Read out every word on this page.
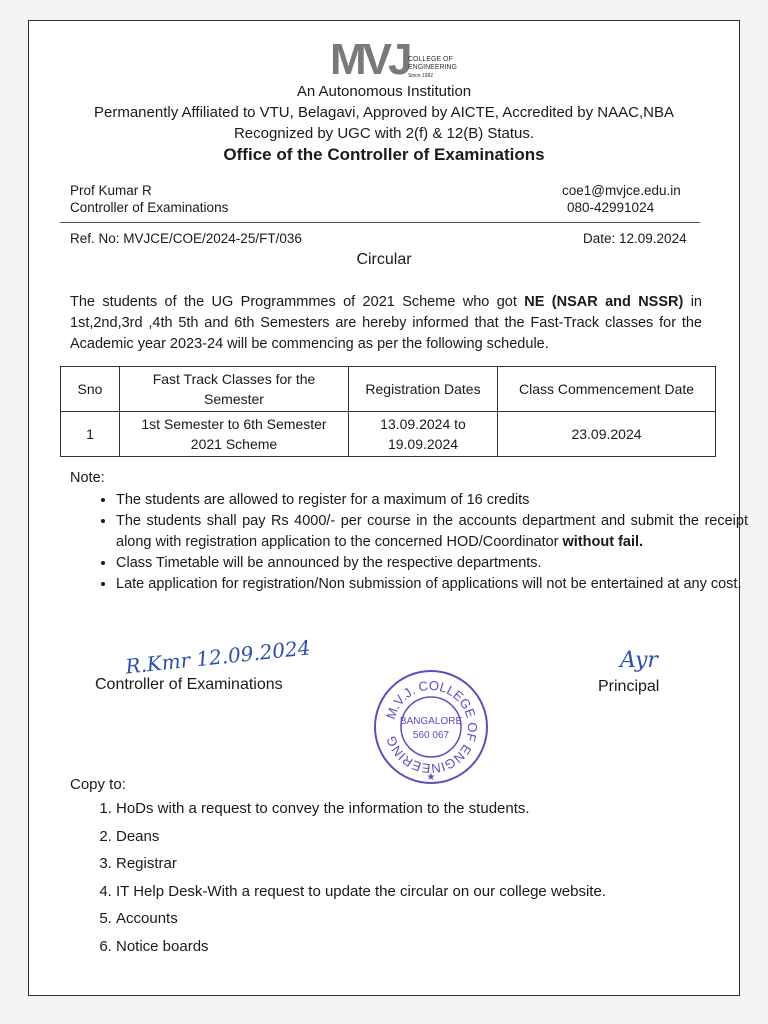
MVJ COLLEGE OF
ENGINEERING
Since 1982
An Autonomous Institution
Permanently Affiliated to VTU, Belagavi, Approved by AICTE, Accredited by NAAC,NBA
Recognized by UGC with 2(f) & 12(B) Status.
Office of the Controller of Examinations
Prof Kumar R
Controller of Examinations
coe1@mvjce.edu.in
080-42991024
Ref. No: MVJCE/COE/2024-25/FT/036	Date: 12.09.2024
Circular
The students of the UG Programmmes of 2021 Scheme who got NE (NSAR and NSSR) in 1st,2nd,3rd ,4th 5th and 6th Semesters are hereby informed that the Fast-Track classes for the Academic year 2023-24 will be commencing as per the following schedule.
Sno	Fast Track Classes for the Semester	Registration Dates	Class Commencement Date
1	1st Semester to 6th Semester 2021 Scheme	13.09.2024 to 19.09.2024	23.09.2024
Note:
• The students are allowed to register for a maximum of 16 credits
• The students shall pay Rs 4000/- per course in the accounts department and submit the receipt along with registration application to the concerned HOD/Coordinator without fail.
• Class Timetable will be announced by the respective departments.
• Late application for registration/Non submission of applications will not be entertained at any cost.
R.Kmr 12.09.2024
Controller of Examinations
Ayr
Principal
M.V.J. COLLEGE OF ENGINEERING
BANGALORE
560 067
★
Copy to:
1. HoDs with a request to convey the information to the students.
2. Deans
3. Registrar
4. IT Help Desk-With a request to update the circular on our college website.
5. Accounts
6. Notice boards
